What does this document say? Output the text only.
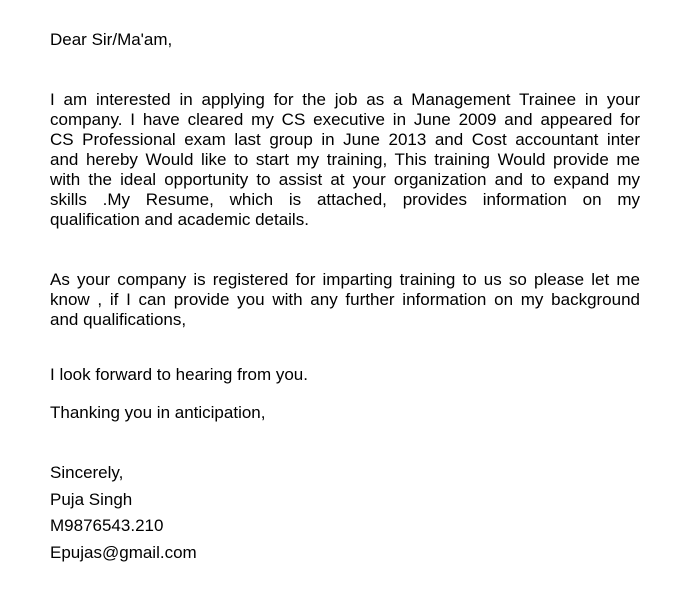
Dear Sir/Ma'am,

I am interested in applying for the job as a Management Trainee in your
company. I have cleared my CS executive in June 2009 and appeared for
CS Professional exam last group in June 2013 and Cost accountant inter
and hereby Would like to start my training, This training Would provide me
with the ideal opportunity to assist at your organization and to expand my
skills .My Resume, which is attached, provides information on my
qualification and academic details.
As your company is registered for imparting training to us so please let me
know , if I can provide you with any further information on my background
and qualifications,

I look forward to hearing from you.

Thanking you in anticipation,

Sincerely,

Puja Singh

M9876543.210

Epujas@gmail.com
